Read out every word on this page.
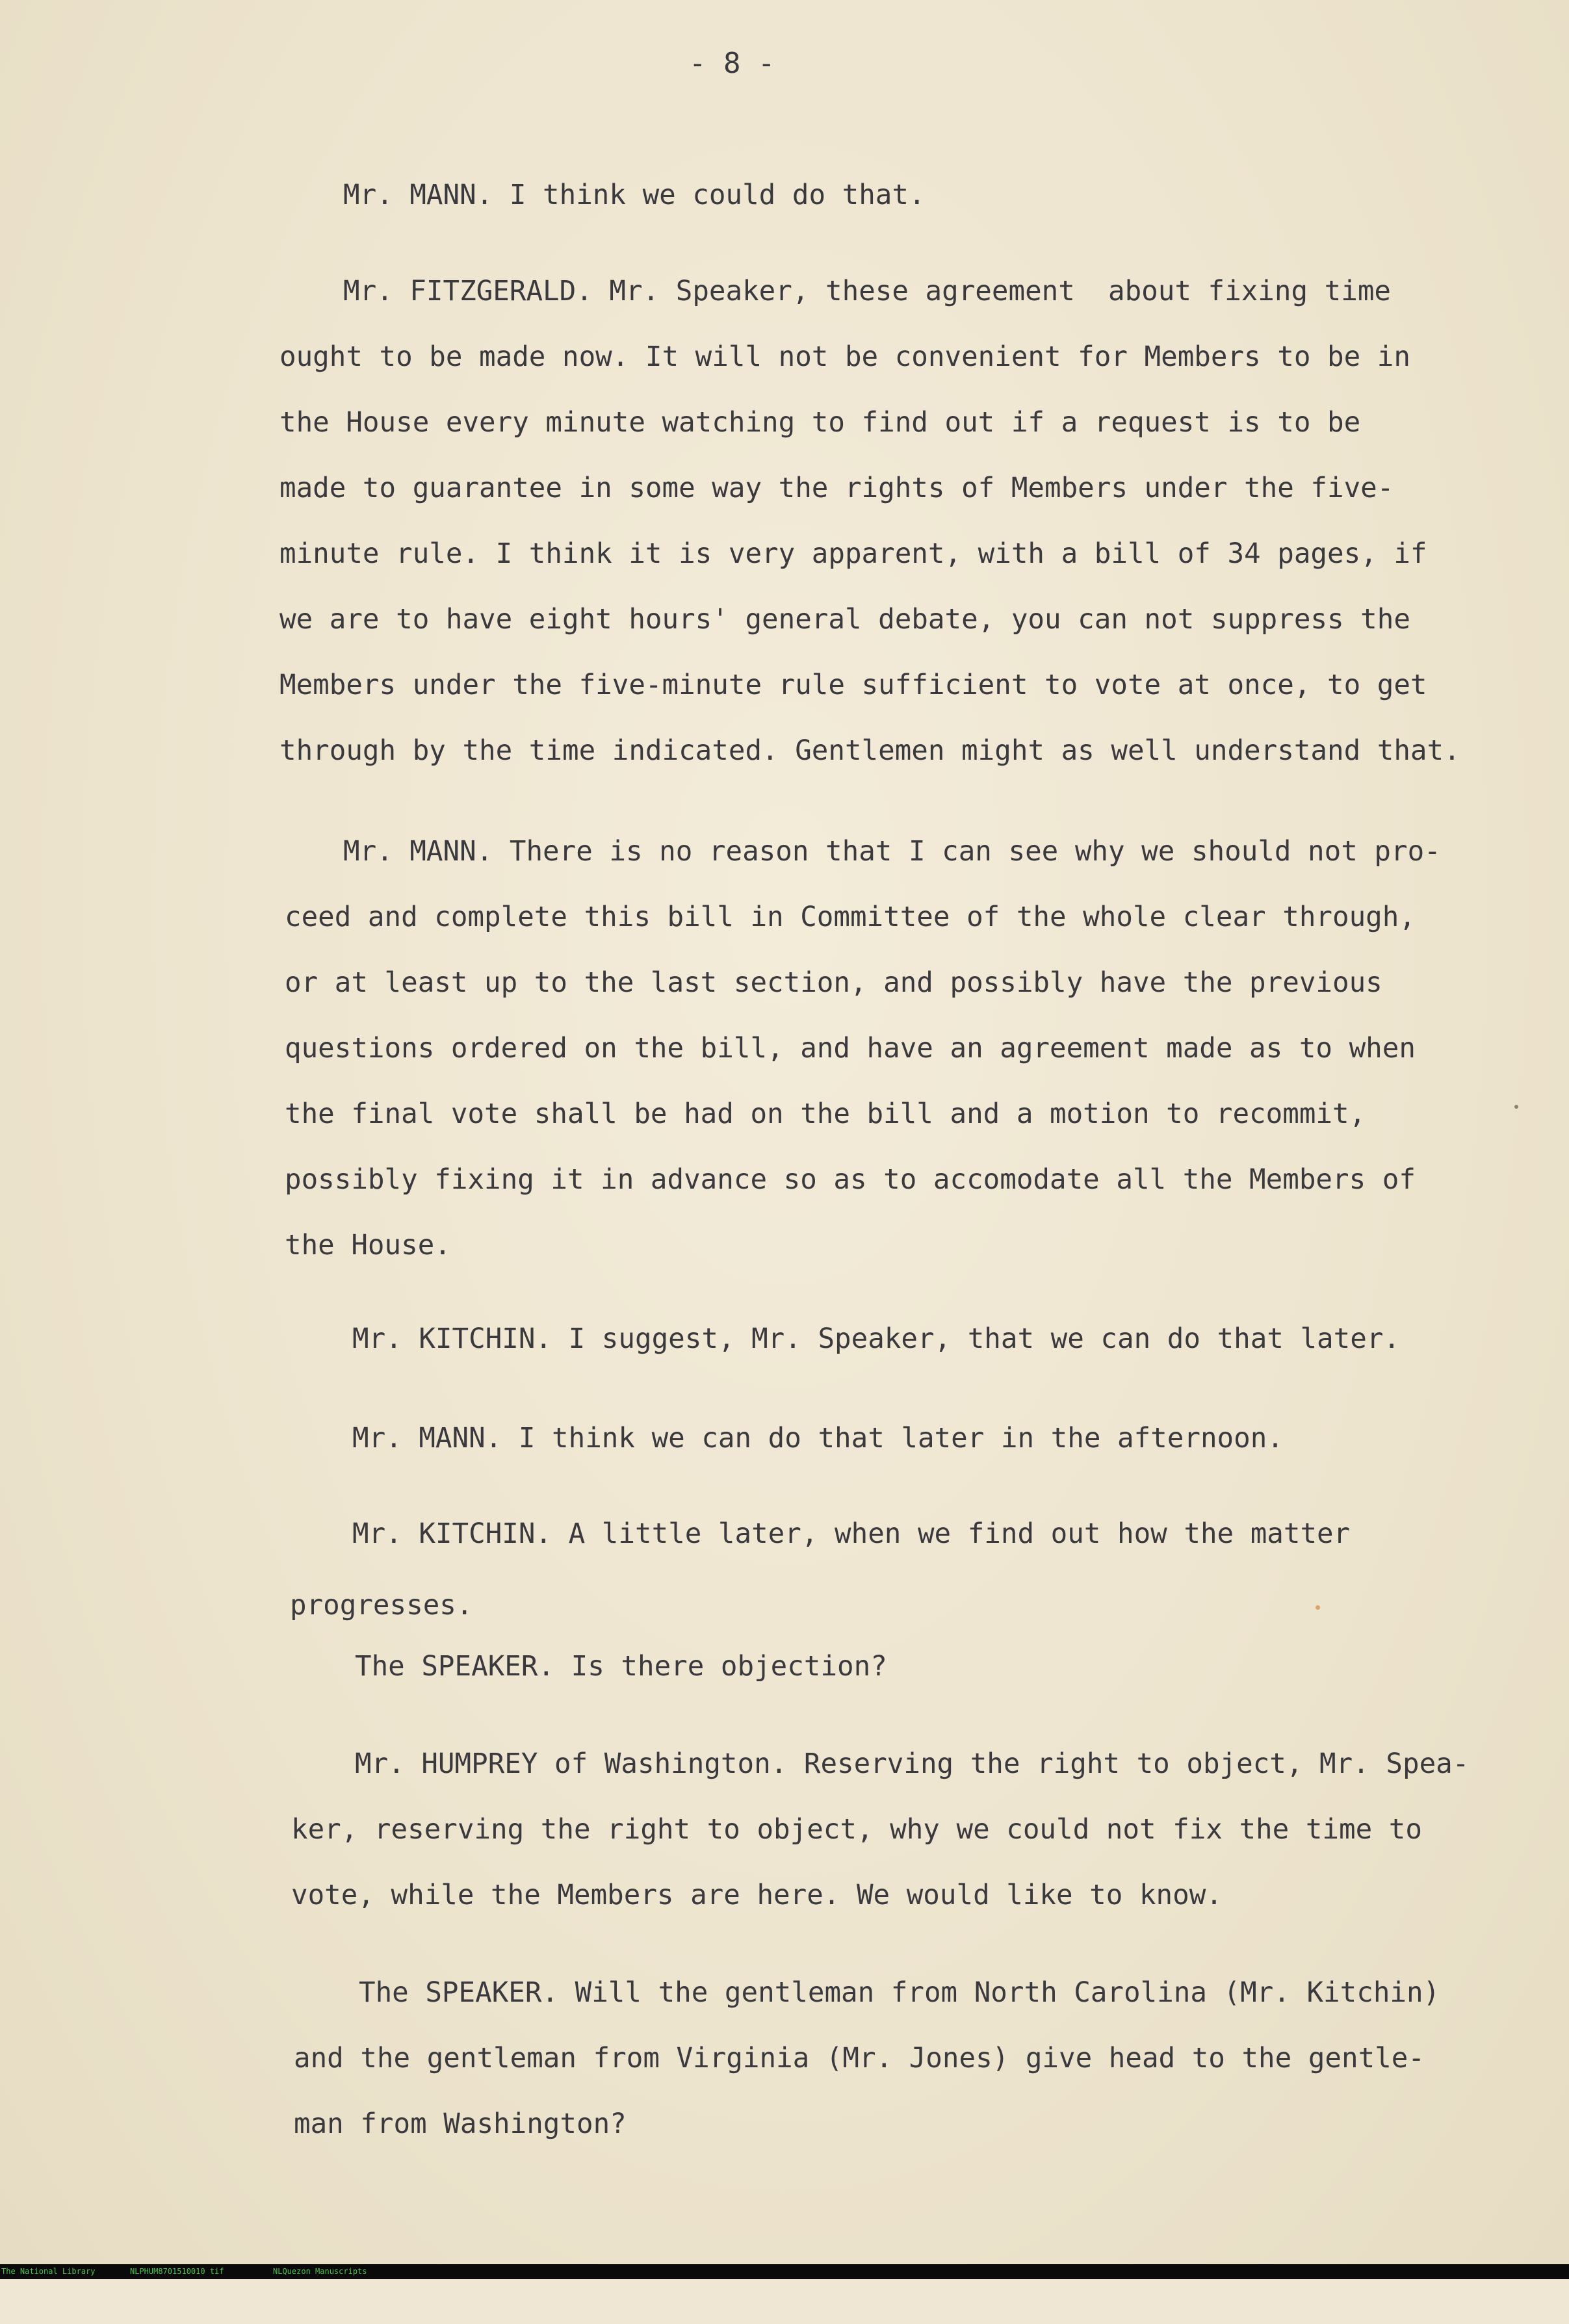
- 8 -
Mr. MANN. I think we could do that.
Mr. FITZGERALD. Mr. Speaker, these agreement  about fixing time
ought to be made now. It will not be convenient for Members to be in
the House every minute watching to find out if a request is to be
made to guarantee in some way the rights of Members under the five-
minute rule. I think it is very apparent, with a bill of 34 pages, if
we are to have eight hours' general debate, you can not suppress the
Members under the five-minute rule sufficient to vote at once, to get
through by the time indicated. Gentlemen might as well understand that.
Mr. MANN. There is no reason that I can see why we should not pro-
ceed and complete this bill in Committee of the whole clear through,
or at least up to the last section, and possibly have the previous
questions ordered on the bill, and have an agreement made as to when
the final vote shall be had on the bill and a motion to recommit,
possibly fixing it in advance so as to accomodate all the Members of
the House.
Mr. KITCHIN. I suggest, Mr. Speaker, that we can do that later.
Mr. MANN. I think we can do that later in the afternoon.
Mr. KITCHIN. A little later, when we find out how the matter
progresses.
The SPEAKER. Is there objection?
Mr. HUMPREY of Washington. Reserving the right to object, Mr. Spea-
ker, reserving the right to object, why we could not fix the time to
vote, while the Members are here. We would like to know.
The SPEAKER. Will the gentleman from North Carolina (Mr. Kitchin)
and the gentleman from Virginia (Mr. Jones) give head to the gentle-
man from Washington?

The National Library

	NLPHUM8701510010 tif

	NLQuezon Manuscripts
